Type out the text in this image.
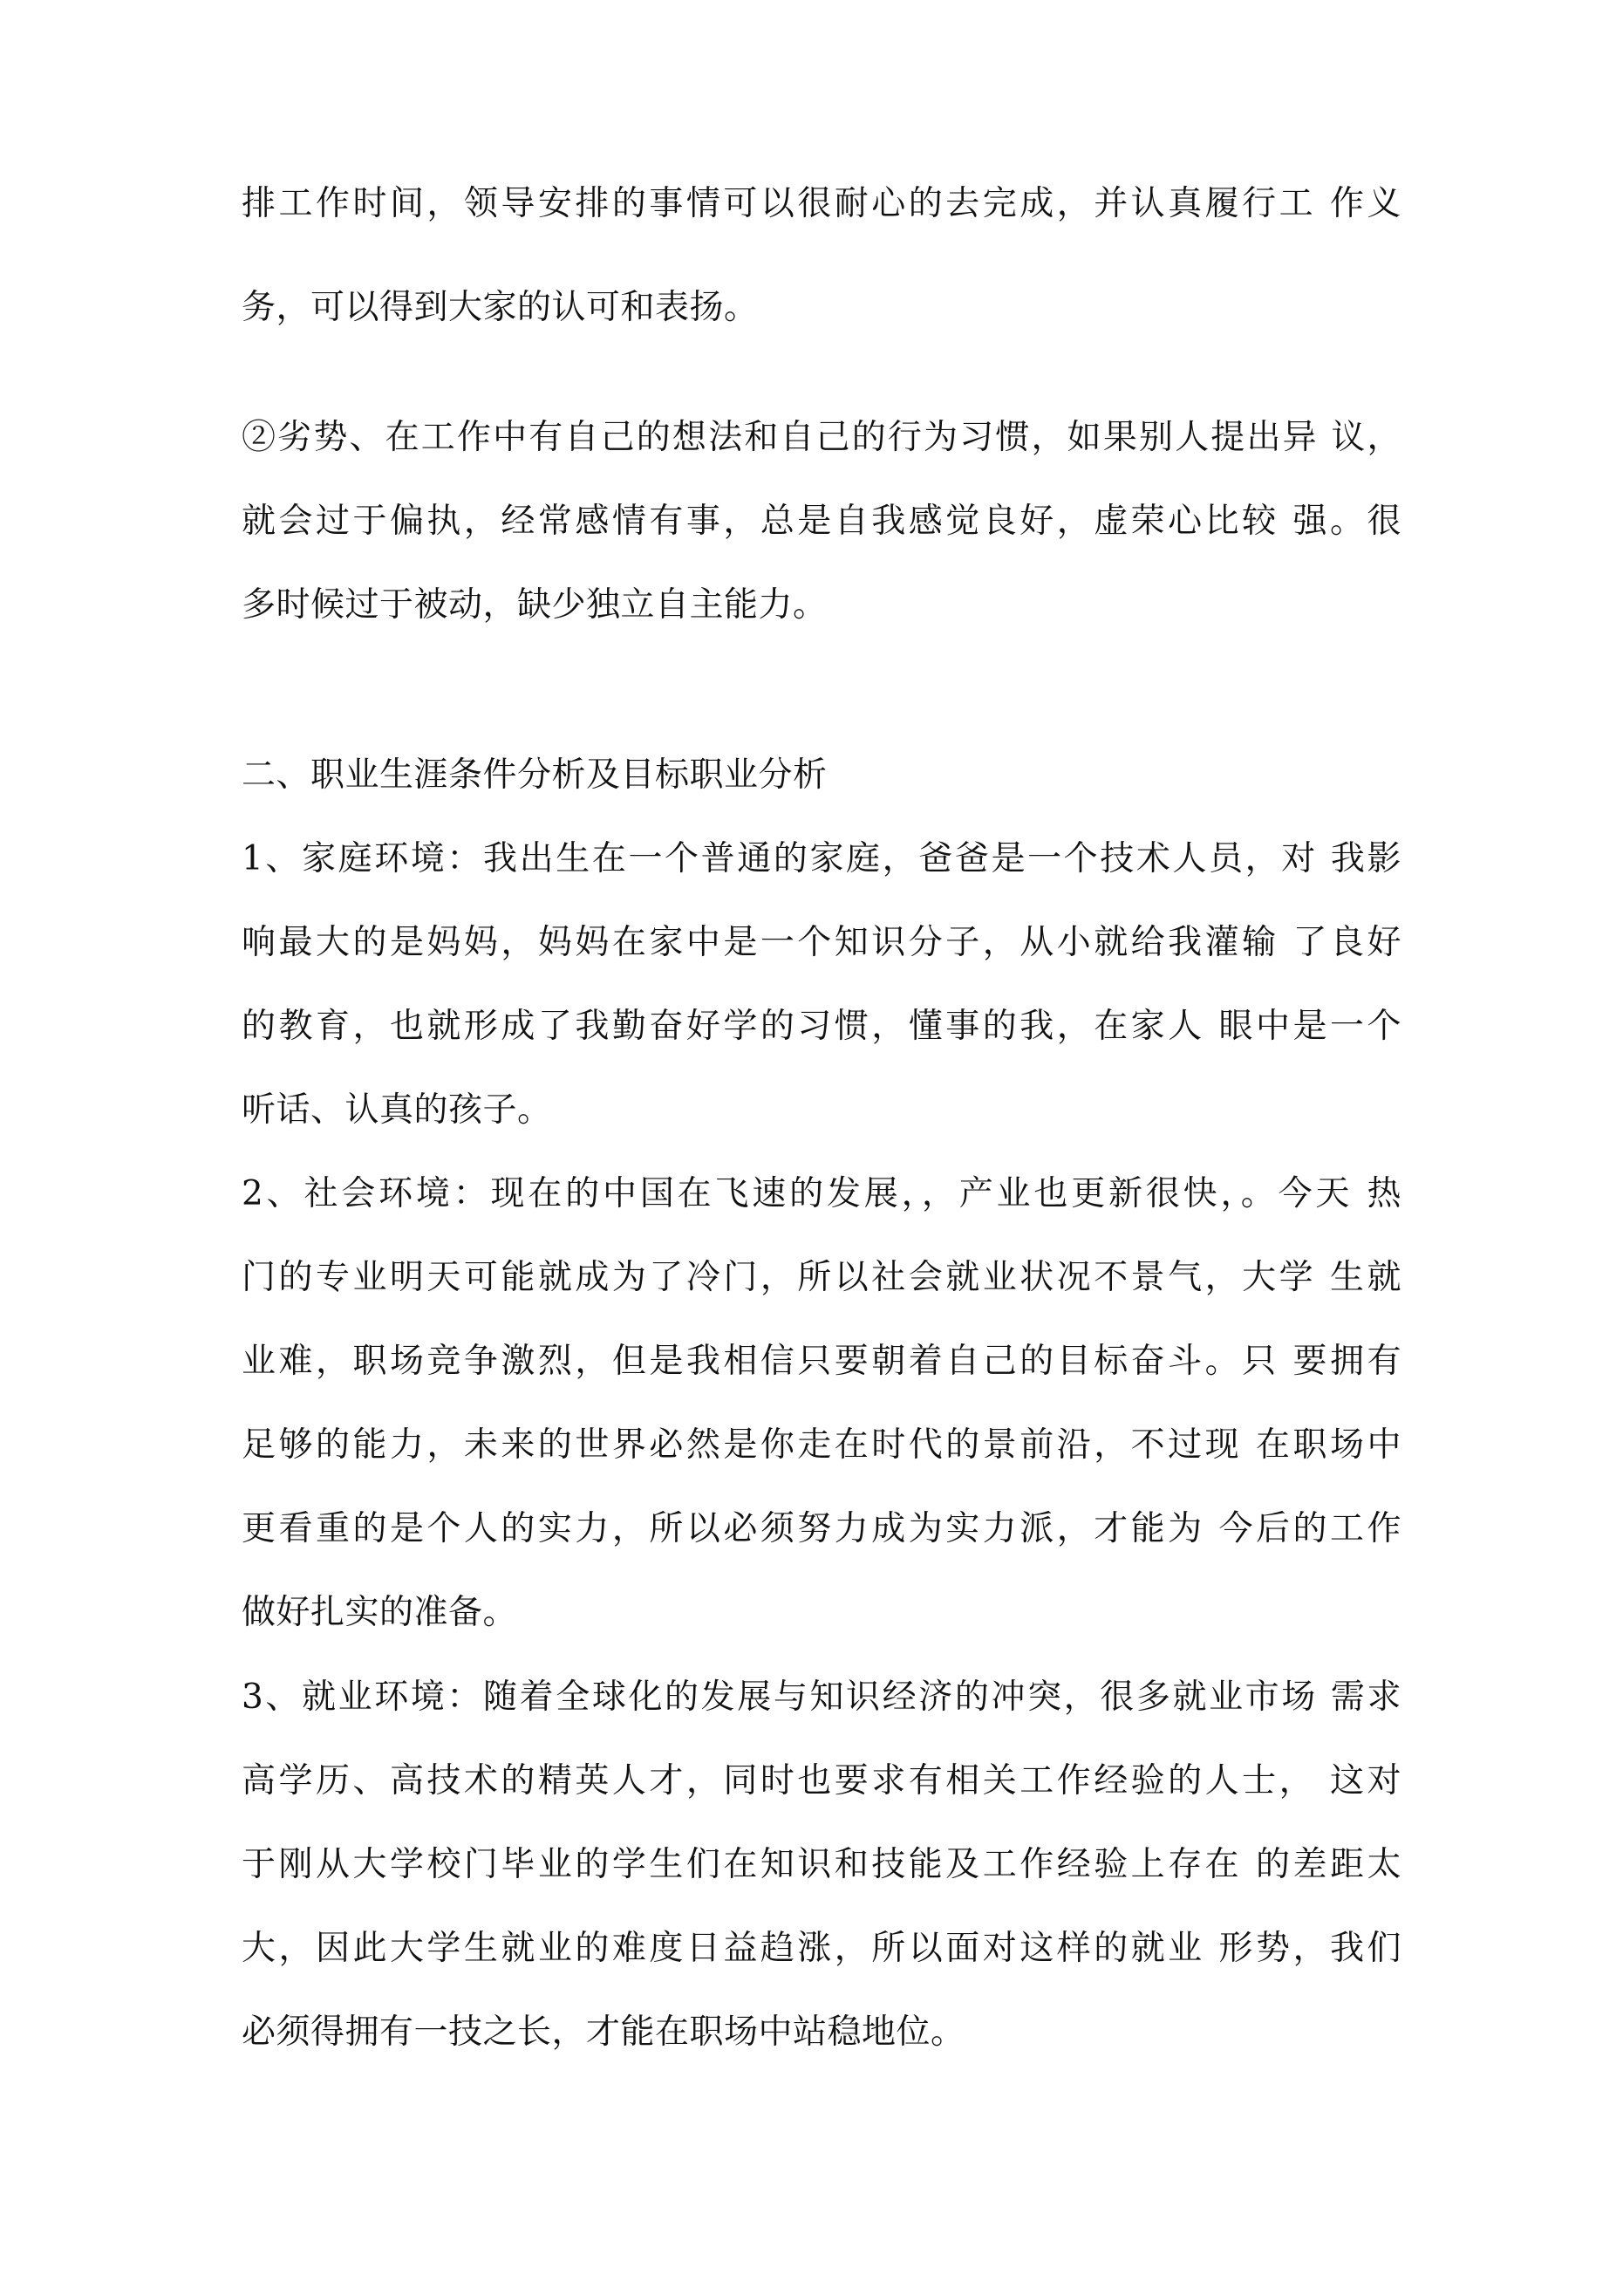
排工作时间，领导安排的事情可以很耐心的去完成，并认真履行工 作义
务，可以得到大家的认可和表扬。
②劣势、在工作中有自己的想法和自己的行为习惯，如果别人提出异 议，
就会过于偏执，经常感情有事，总是自我感觉良好，虚荣心比较 强。很
多时候过于被动，缺少独立自主能力。
二、职业生涯条件分析及目标职业分析
1、家庭环境：我出生在一个普通的家庭，爸爸是一个技术人员，对 我影
响最大的是妈妈，妈妈在家中是一个知识分子，从小就给我灌输 了良好
的教育，也就形成了我勤奋好学的习惯，懂事的我，在家人 眼中是一个
听话、认真的孩子。
2、社会环境：现在的中国在飞速的发展，，产业也更新很快，。今天 热
门的专业明天可能就成为了冷门，所以社会就业状况不景气，大学 生就
业难，职场竞争激烈，但是我相信只要朝着自己的目标奋斗。只 要拥有
足够的能力，未来的世界必然是你走在时代的景前沿，不过现 在职场中
更看重的是个人的实力，所以必须努力成为实力派，才能为 今后的工作
做好扎实的准备。
3、就业环境：随着全球化的发展与知识经济的冲突，很多就业市场 需求
高学历、高技术的精英人才，同时也要求有相关工作经验的人士， 这对
于刚从大学校门毕业的学生们在知识和技能及工作经验上存在 的差距太
大，因此大学生就业的难度日益趋涨，所以面对这样的就业 形势，我们
必须得拥有一技之长，才能在职场中站稳地位。
